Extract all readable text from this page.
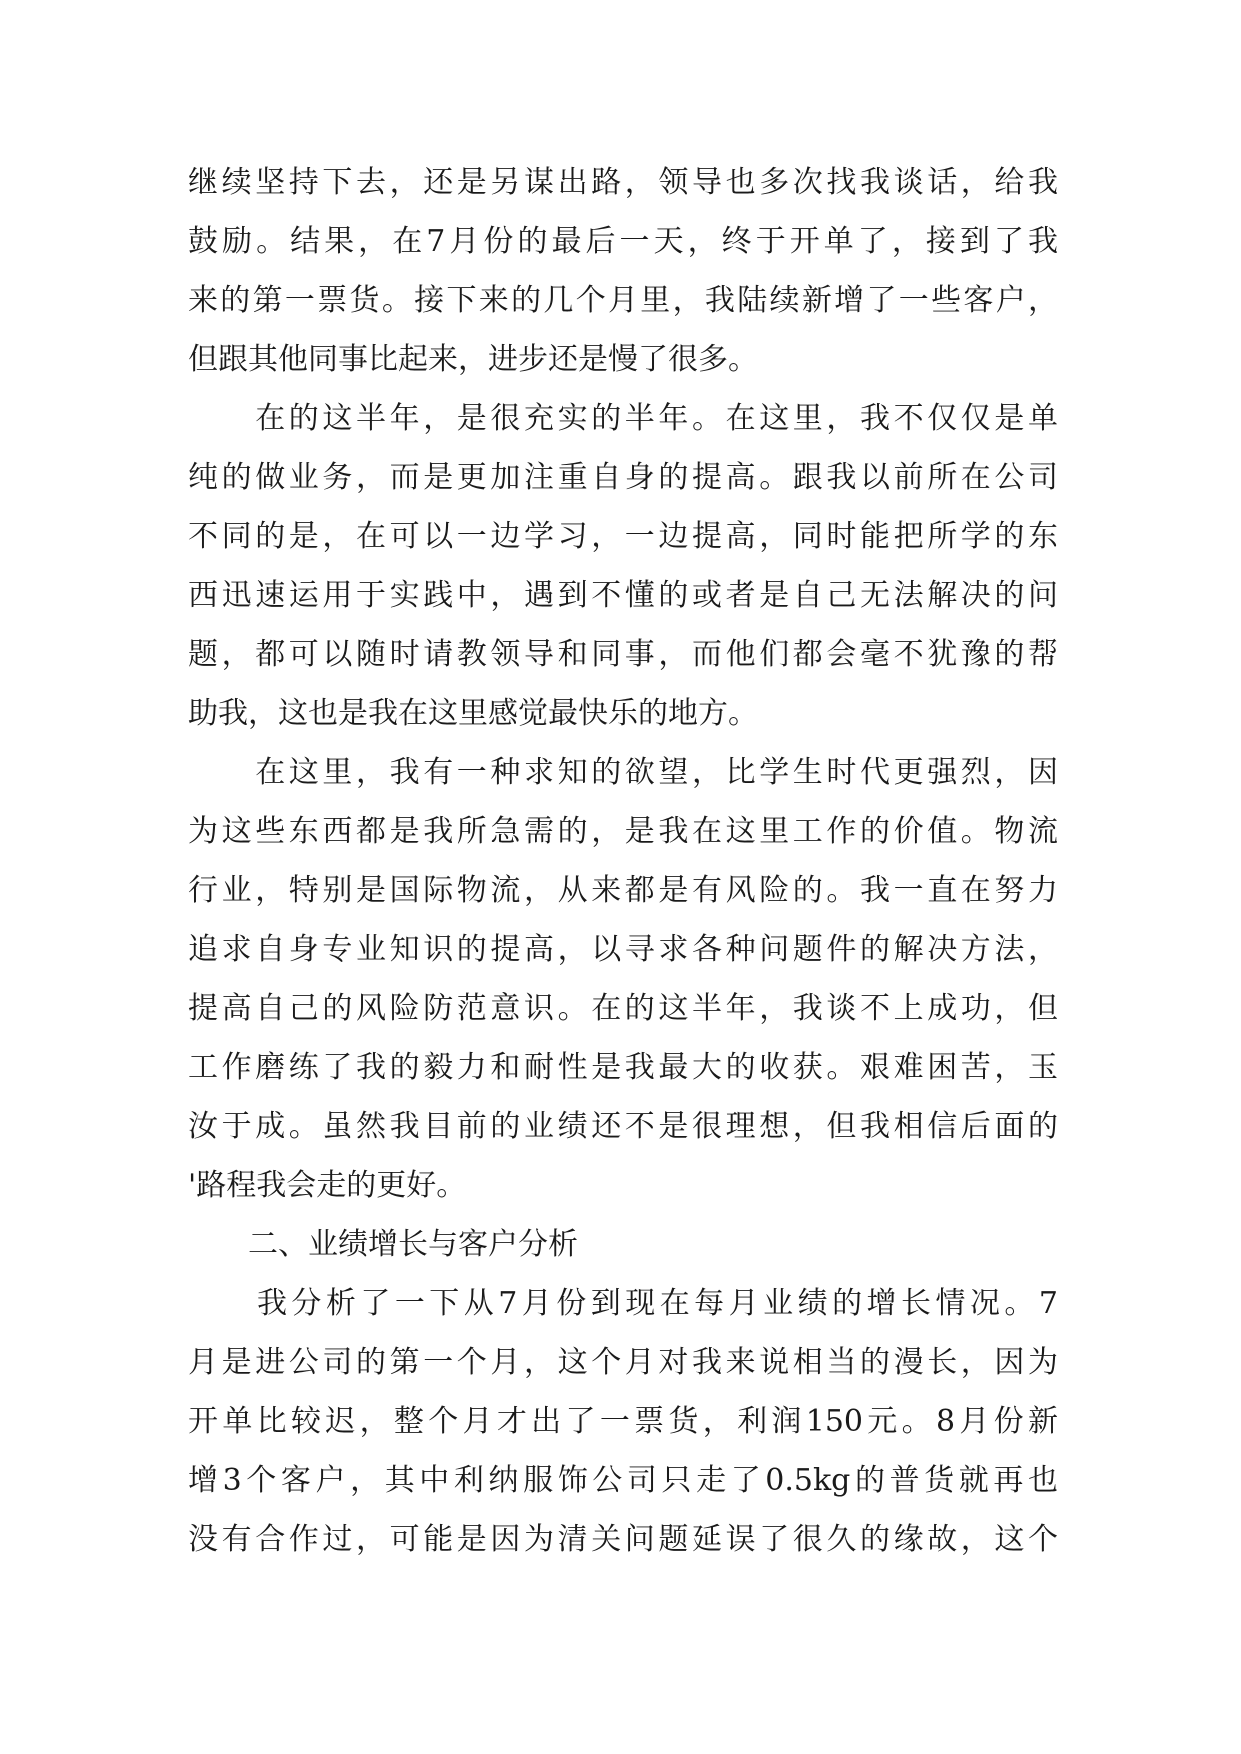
继续坚持下去，还是另谋出路，领导也多次找我谈话，给我
鼓励。结果，在7月份的最后一天，终于开单了，接到了我
来的第一票货。接下来的几个月里，我陆续新增了一些客户，
但跟其他同事比起来，进步还是慢了很多。
　　在的这半年，是很充实的半年。在这里，我不仅仅是单
纯的做业务，而是更加注重自身的提高。跟我以前所在公司
不同的是，在可以一边学习，一边提高，同时能把所学的东
西迅速运用于实践中，遇到不懂的或者是自己无法解决的问
题，都可以随时请教领导和同事，而他们都会毫不犹豫的帮
助我，这也是我在这里感觉最快乐的地方。
　　在这里，我有一种求知的欲望，比学生时代更强烈，因
为这些东西都是我所急需的，是我在这里工作的价值。物流
行业，特别是国际物流，从来都是有风险的。我一直在努力
追求自身专业知识的提高，以寻求各种问题件的解决方法，
提高自己的风险防范意识。在的这半年，我谈不上成功，但
工作磨练了我的毅力和耐性是我最大的收获。艰难困苦，玉
汝于成。虽然我目前的业绩还不是很理想，但我相信后面的
'路程我会走的更好。
　　二、业绩增长与客户分析
　　我分析了一下从7月份到现在每月业绩的增长情况。7
月是进公司的第一个月，这个月对我来说相当的漫长，因为
开单比较迟，整个月才出了一票货，利润150元。8月份新
增3个客户，其中利纳服饰公司只走了0.5kg的普货就再也
没有合作过，可能是因为清关问题延误了很久的缘故，这个
